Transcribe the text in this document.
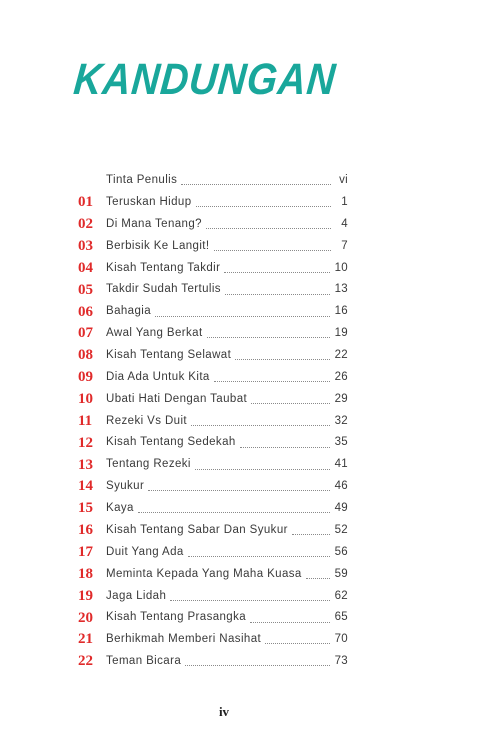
KANDUNGAN
Tinta Penulis	vi
01	Teruskan Hidup	1
02	Di Mana Tenang?	4
03	Berbisik Ke Langit!	7
04	Kisah Tentang Takdir	10
05	Takdir Sudah Tertulis	13
06	Bahagia	16
07	Awal Yang Berkat	19
08	Kisah Tentang Selawat	22
09	Dia Ada Untuk Kita	26
10	Ubati Hati Dengan Taubat	29
11	Rezeki Vs Duit	32
12	Kisah Tentang Sedekah	35
13	Tentang Rezeki	41
14	Syukur	46
15	Kaya	49
16	Kisah Tentang Sabar Dan Syukur	52
17	Duit Yang Ada	56
18	Meminta Kepada Yang Maha Kuasa	59
19	Jaga Lidah	62
20	Kisah Tentang Prasangka	65
21	Berhikmah Memberi Nasihat	70
22	Teman Bicara	73
iv
